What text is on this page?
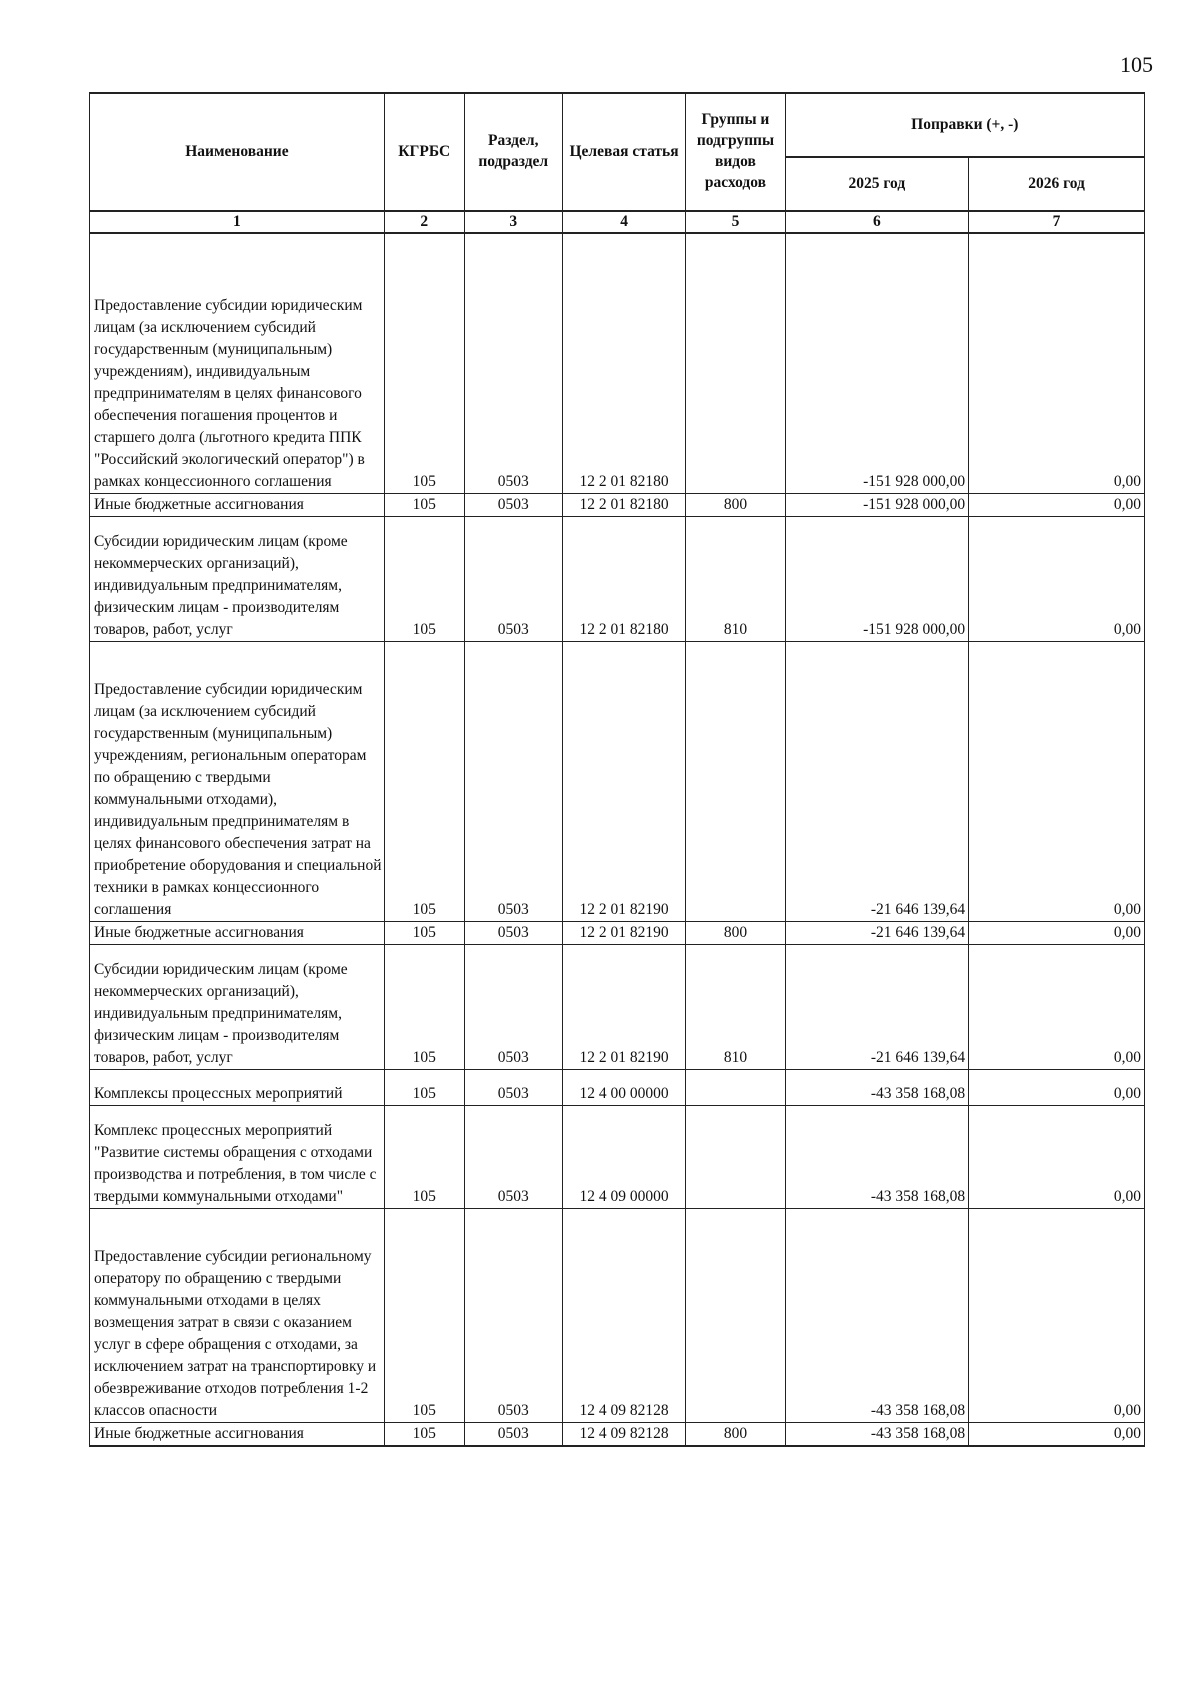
105
Наименование	КГРБС	Раздел, подраздел	Целевая статья	Группы и подгруппы видов расходов	Поправки (+, -)	
					2025 год	2026 год
1	2	3	4	5	6	7

Предоставление субсидии юридическим лицам (за исключением субсидий государственным (муниципальным) учреждениям), индивидуальным предпринимателям в целях финансового обеспечения погашения процентов и старшего долга (льготного кредита ППК "Российский экологический оператор") в рамках концессионного соглашения	105	0503	12 2 01 82180		-151 928 000,00	0,00
Иные бюджетные ассигнования	105	0503	12 2 01 82180	800	-151 928 000,00	0,00

Субсидии юридическим лицам (кроме некоммерческих организаций), индивидуальным предпринимателям, физическим лицам - производителям товаров, работ, услуг	105	0503	12 2 01 82180	810	-151 928 000,00	0,00

Предоставление субсидии юридическим лицам (за исключением субсидий государственным (муниципальным) учреждениям, региональным операторам по обращению с твердыми коммунальными отходами), индивидуальным предпринимателям в целях финансового обеспечения затрат на приобретение оборудования и специальной техники в рамках концессионного соглашения	105	0503	12 2 01 82190		-21 646 139,64	0,00
Иные бюджетные ассигнования	105	0503	12 2 01 82190	800	-21 646 139,64	0,00

Субсидии юридическим лицам (кроме некоммерческих организаций), индивидуальным предпринимателям, физическим лицам - производителям товаров, работ, услуг	105	0503	12 2 01 82190	810	-21 646 139,64	0,00

Комплексы процессных мероприятий	105	0503	12 4 00 00000		-43 358 168,08	0,00

Комплекс процессных мероприятий "Развитие системы обращения с отходами производства и потребления, в том числе с твердыми коммунальными отходами"	105	0503	12 4 09 00000		-43 358 168,08	0,00

Предоставление субсидии региональному оператору по обращению с твердыми коммунальными отходами в целях возмещения затрат в связи с оказанием услуг в сфере обращения с отходами, за исключением затрат на транспортировку и обезвреживание отходов потребления 1-2 классов опасности	105	0503	12 4 09 82128		-43 358 168,08	0,00
Иные бюджетные ассигнования	105	0503	12 4 09 82128	800	-43 358 168,08	0,00
